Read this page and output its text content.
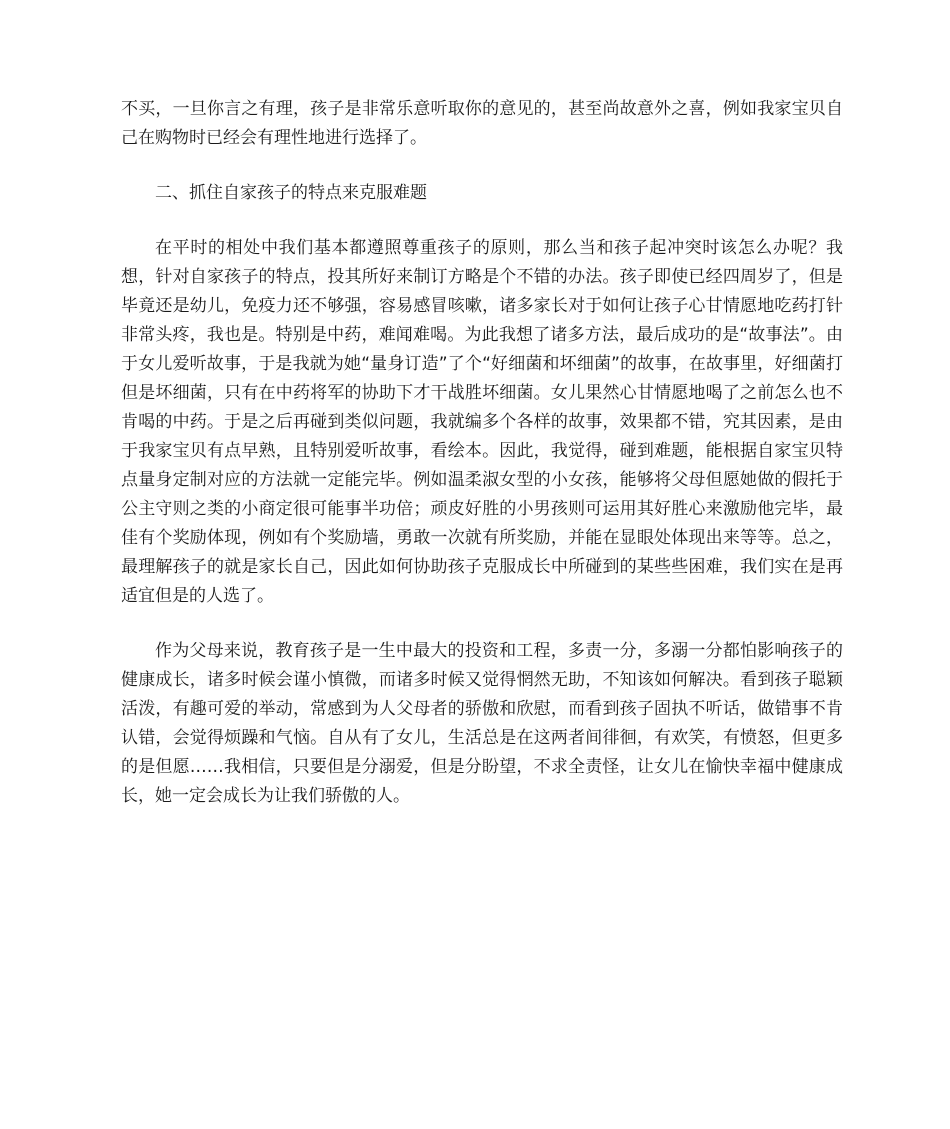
不买，一旦你言之有理，孩子是非常乐意听取你的意见的，甚至尚故意外之喜，例如我家宝贝自己在购物时已经会有理性地进行选择了。

二、抓住自家孩子的特点来克服难题

在平时的相处中我们基本都遵照尊重孩子的原则，那么当和孩子起冲突时该怎么办呢？我想，针对自家孩子的特点，投其所好来制订方略是个不错的办法。孩子即使已经四周岁了，但是毕竟还是幼儿，免疫力还不够强，容易感冒咳嗽，诸多家长对于如何让孩子心甘情愿地吃药打针非常头疼，我也是。特别是中药，难闻难喝。为此我想了诸多方法，最后成功的是“故事法”。由于女儿爱听故事，于是我就为她“量身订造”了个“好细菌和坏细菌”的故事，在故事里，好细菌打但是坏细菌，只有在中药将军的协助下才干战胜坏细菌。女儿果然心甘情愿地喝了之前怎么也不肯喝的中药。于是之后再碰到类似问题，我就编多个各样的故事，效果都不错，究其因素，是由于我家宝贝有点早熟，且特别爱听故事，看绘本。因此，我觉得，碰到难题，能根据自家宝贝特点量身定制对应的方法就一定能完毕。例如温柔淑女型的小女孩，能够将父母但愿她做的假托于公主守则之类的小商定很可能事半功倍；顽皮好胜的小男孩则可运用其好胜心来激励他完毕，最佳有个奖励体现，例如有个奖励墙，勇敢一次就有所奖励，并能在显眼处体现出来等等。总之，最理解孩子的就是家长自己，因此如何协助孩子克服成长中所碰到的某些些困难，我们实在是再适宜但是的人选了。

作为父母来说，教育孩子是一生中最大的投资和工程，多责一分，多溺一分都怕影响孩子的健康成长，诸多时候会谨小慎微，而诸多时候又觉得惘然无助，不知该如何解决。看到孩子聪颖活泼，有趣可爱的举动，常感到为人父母者的骄傲和欣慰，而看到孩子固执不听话，做错事不肯认错，会觉得烦躁和气恼。自从有了女儿，生活总是在这两者间徘徊，有欢笑，有愤怒，但更多的是但愿……我相信，只要但是分溺爱，但是分盼望，不求全责怪，让女儿在愉快幸福中健康成长，她一定会成长为让我们骄傲的人。
